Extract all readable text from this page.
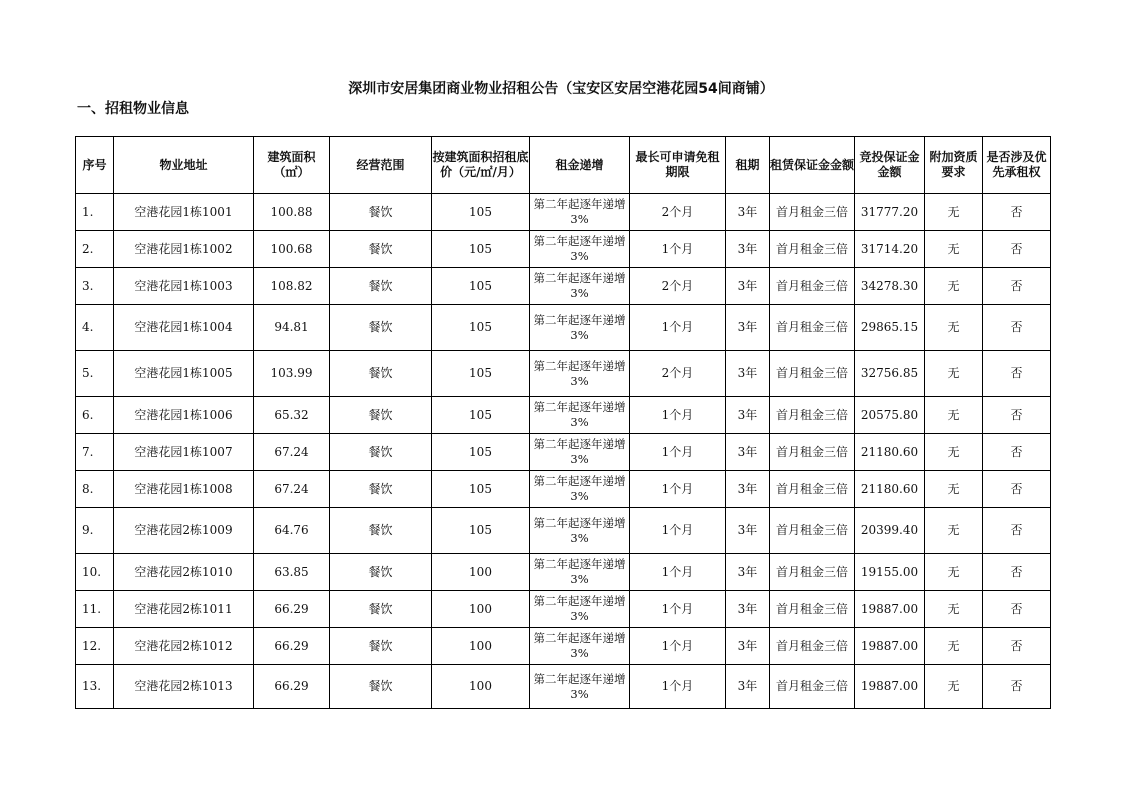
深圳市安居集团商业物业招租公告（宝安区安居空港花园54间商铺）
一、招租物业信息
序号	物业地址	建筑面积（㎡）	经营范围	按建筑面积招租底价（元/㎡/月）	租金递增	最长可申请免租期限	租期	租赁保证金金额	竞投保证金金额	附加资质要求	是否涉及优先承租权
1.	空港花园1栋1001	100.88	餐饮	105	第二年起逐年递增3%	2个月	3年	首月租金三倍	31777.20	无	否
2.	空港花园1栋1002	100.68	餐饮	105	第二年起逐年递增3%	1个月	3年	首月租金三倍	31714.20	无	否
3.	空港花园1栋1003	108.82	餐饮	105	第二年起逐年递增3%	2个月	3年	首月租金三倍	34278.30	无	否
4.	空港花园1栋1004	94.81	餐饮	105	第二年起逐年递增3%	1个月	3年	首月租金三倍	29865.15	无	否
5.	空港花园1栋1005	103.99	餐饮	105	第二年起逐年递增3%	2个月	3年	首月租金三倍	32756.85	无	否
6.	空港花园1栋1006	65.32	餐饮	105	第二年起逐年递增3%	1个月	3年	首月租金三倍	20575.80	无	否
7.	空港花园1栋1007	67.24	餐饮	105	第二年起逐年递增3%	1个月	3年	首月租金三倍	21180.60	无	否
8.	空港花园1栋1008	67.24	餐饮	105	第二年起逐年递增3%	1个月	3年	首月租金三倍	21180.60	无	否
9.	空港花园2栋1009	64.76	餐饮	105	第二年起逐年递增3%	1个月	3年	首月租金三倍	20399.40	无	否
10.	空港花园2栋1010	63.85	餐饮	100	第二年起逐年递增3%	1个月	3年	首月租金三倍	19155.00	无	否
11.	空港花园2栋1011	66.29	餐饮	100	第二年起逐年递增3%	1个月	3年	首月租金三倍	19887.00	无	否
12.	空港花园2栋1012	66.29	餐饮	100	第二年起逐年递增3%	1个月	3年	首月租金三倍	19887.00	无	否
13.	空港花园2栋1013	66.29	餐饮	100	第二年起逐年递增3%	1个月	3年	首月租金三倍	19887.00	无	否
